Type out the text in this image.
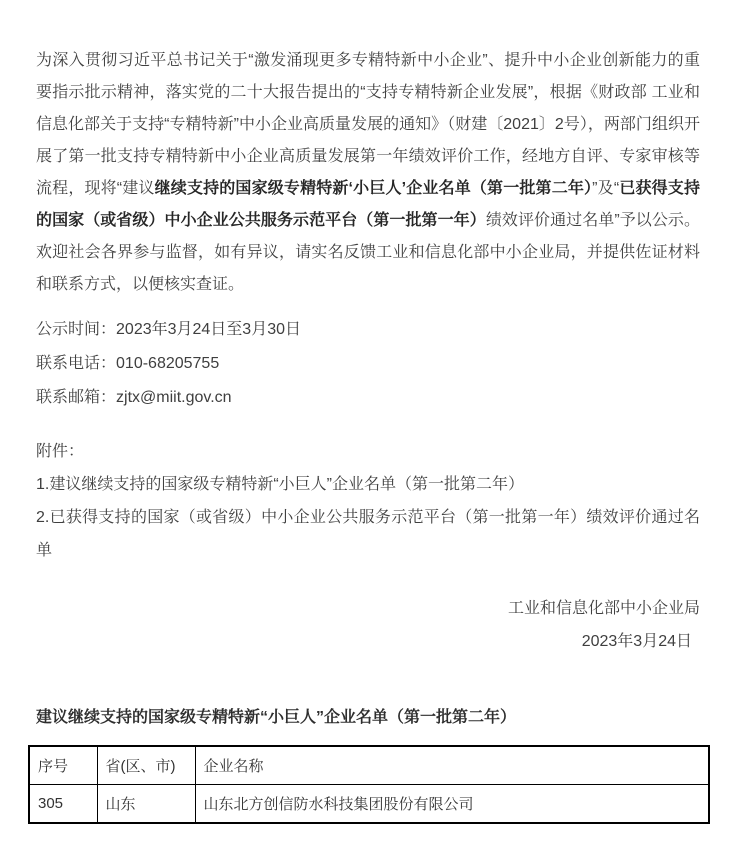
为深入贯彻习近平总书记关于“激发涌现更多专精特新中小企业”、提升中小企业创新能力的重要指示批示精神，落实党的二十大报告提出的“支持专精特新企业发展”，根据《财政部 工业和信息化部关于支持“专精特新”中小企业高质量发展的通知》（财建〔2021〕2号），两部门组织开展了第一批支持专精特新中小企业高质量发展第一年绩效评价工作，经地方自评、专家审核等流程，现将“建议继续支持的国家级专精特新‘小巨人’企业名单（第一批第二年）”及“已获得支持的国家（或省级）中小企业公共服务示范平台（第一批第一年）绩效评价通过名单”予以公示。欢迎社会各界参与监督，如有异议，请实名反馈工业和信息化部中小企业局，并提供佐证材料和联系方式，以便核实查证。

公示时间：2023年3月24日至3月30日

联系电话：010-68205755

联系邮箱：zjtx@miit.gov.cn

附件：

1.建议继续支持的国家级专精特新“小巨人”企业名单（第一批第二年）

2.已获得支持的国家（或省级）中小企业公共服务示范平台（第一批第一年）绩效评价通过名单

工业和信息化部中小企业局

2023年3月24日

建议继续支持的国家级专精特新“小巨人”企业名单（第一批第二年）

序号	省(区、市)	企业名称
305	山东	山东北方创信防水科技集团股份有限公司
